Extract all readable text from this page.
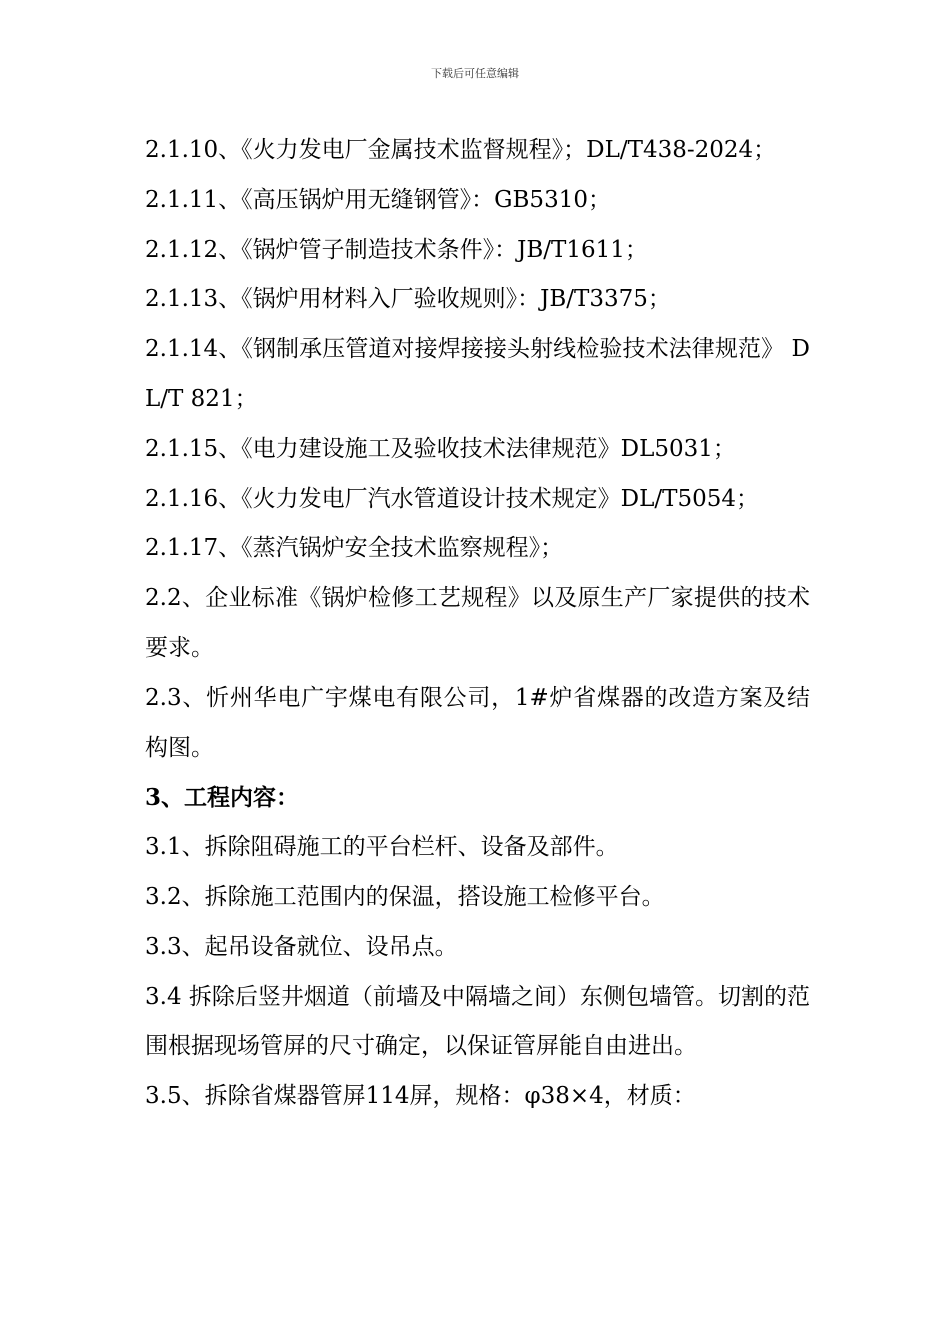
下载后可任意编辑

2.1.10、《火力发电厂金属技术监督规程》；DL/T438-2024；

2.1.11、《高压锅炉用无缝钢管》：GB5310；

2.1.12、《锅炉管子制造技术条件》：JB/T1611；

2.1.13、《锅炉用材料入厂验收规则》：JB/T3375；

2.1.14、《钢制承压管道对接焊接接头射线检验技术法律规范》 DL/T 821；

2.1.15、《电力建设施工及验收技术法律规范》DL5031；

2.1.16、《火力发电厂汽水管道设计技术规定》DL/T5054；

2.1.17、《蒸汽锅炉安全技术监察规程》；

2.2、企业标准《锅炉检修工艺规程》以及原生产厂家提供的技术要求。

2.3、忻州华电广宇煤电有限公司，1#炉省煤器的改造方案及结构图。

3、工程内容：

3.1、拆除阻碍施工的平台栏杆、设备及部件。

3.2、拆除施工范围内的保温，搭设施工检修平台。

3.3、起吊设备就位、设吊点。

3.4 拆除后竖井烟道（前墙及中隔墙之间）东侧包墙管。切割的范围根据现场管屏的尺寸确定，以保证管屏能自由进出。

3.5、拆除省煤器管屏114屏，规格：φ38×4，材质：
